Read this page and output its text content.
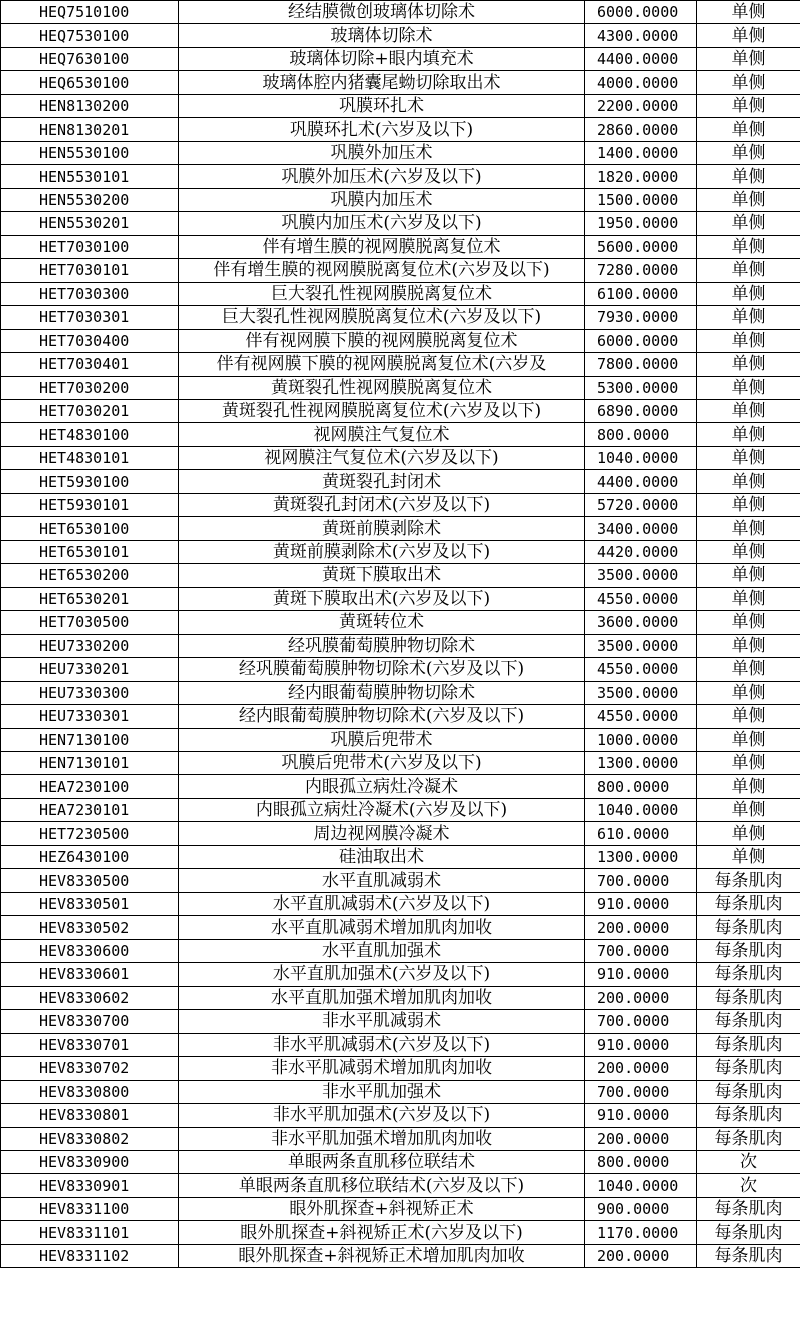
HEQ7510100	经结膜微创玻璃体切除术	6000.0000	单侧
HEQ7530100	玻璃体切除术	4300.0000	单侧
HEQ7630100	玻璃体切除+眼内填充术	4400.0000	单侧
HEQ6530100	玻璃体腔内猪囊尾蚴切除取出术	4000.0000	单侧
HEN8130200	巩膜环扎术	2200.0000	单侧
HEN8130201	巩膜环扎术(六岁及以下)	2860.0000	单侧
HEN5530100	巩膜外加压术	1400.0000	单侧
HEN5530101	巩膜外加压术(六岁及以下)	1820.0000	单侧
HEN5530200	巩膜内加压术	1500.0000	单侧
HEN5530201	巩膜内加压术(六岁及以下)	1950.0000	单侧
HET7030100	伴有增生膜的视网膜脱离复位术	5600.0000	单侧
HET7030101	伴有增生膜的视网膜脱离复位术(六岁及以下)	7280.0000	单侧
HET7030300	巨大裂孔性视网膜脱离复位术	6100.0000	单侧
HET7030301	巨大裂孔性视网膜脱离复位术(六岁及以下)	7930.0000	单侧
HET7030400	伴有视网膜下膜的视网膜脱离复位术	6000.0000	单侧
HET7030401	伴有视网膜下膜的视网膜脱离复位术(六岁及	7800.0000	单侧
HET7030200	黄斑裂孔性视网膜脱离复位术	5300.0000	单侧
HET7030201	黄斑裂孔性视网膜脱离复位术(六岁及以下)	6890.0000	单侧
HET4830100	视网膜注气复位术	800.0000	单侧
HET4830101	视网膜注气复位术(六岁及以下)	1040.0000	单侧
HET5930100	黄斑裂孔封闭术	4400.0000	单侧
HET5930101	黄斑裂孔封闭术(六岁及以下)	5720.0000	单侧
HET6530100	黄斑前膜剥除术	3400.0000	单侧
HET6530101	黄斑前膜剥除术(六岁及以下)	4420.0000	单侧
HET6530200	黄斑下膜取出术	3500.0000	单侧
HET6530201	黄斑下膜取出术(六岁及以下)	4550.0000	单侧
HET7030500	黄斑转位术	3600.0000	单侧
HEU7330200	经巩膜葡萄膜肿物切除术	3500.0000	单侧
HEU7330201	经巩膜葡萄膜肿物切除术(六岁及以下)	4550.0000	单侧
HEU7330300	经内眼葡萄膜肿物切除术	3500.0000	单侧
HEU7330301	经内眼葡萄膜肿物切除术(六岁及以下)	4550.0000	单侧
HEN7130100	巩膜后兜带术	1000.0000	单侧
HEN7130101	巩膜后兜带术(六岁及以下)	1300.0000	单侧
HEA7230100	内眼孤立病灶冷凝术	800.0000	单侧
HEA7230101	内眼孤立病灶冷凝术(六岁及以下)	1040.0000	单侧
HET7230500	周边视网膜冷凝术	610.0000	单侧
HEZ6430100	硅油取出术	1300.0000	单侧
HEV8330500	水平直肌减弱术	700.0000	每条肌肉
HEV8330501	水平直肌减弱术(六岁及以下)	910.0000	每条肌肉
HEV8330502	水平直肌减弱术增加肌肉加收	200.0000	每条肌肉
HEV8330600	水平直肌加强术	700.0000	每条肌肉
HEV8330601	水平直肌加强术(六岁及以下)	910.0000	每条肌肉
HEV8330602	水平直肌加强术增加肌肉加收	200.0000	每条肌肉
HEV8330700	非水平肌减弱术	700.0000	每条肌肉
HEV8330701	非水平肌减弱术(六岁及以下)	910.0000	每条肌肉
HEV8330702	非水平肌减弱术增加肌肉加收	200.0000	每条肌肉
HEV8330800	非水平肌加强术	700.0000	每条肌肉
HEV8330801	非水平肌加强术(六岁及以下)	910.0000	每条肌肉
HEV8330802	非水平肌加强术增加肌肉加收	200.0000	每条肌肉
HEV8330900	单眼两条直肌移位联结术	800.0000	次
HEV8330901	单眼两条直肌移位联结术(六岁及以下)	1040.0000	次
HEV8331100	眼外肌探查+斜视矫正术	900.0000	每条肌肉
HEV8331101	眼外肌探查+斜视矫正术(六岁及以下)	1170.0000	每条肌肉
HEV8331102	眼外肌探查+斜视矫正术增加肌肉加收	200.0000	每条肌肉
